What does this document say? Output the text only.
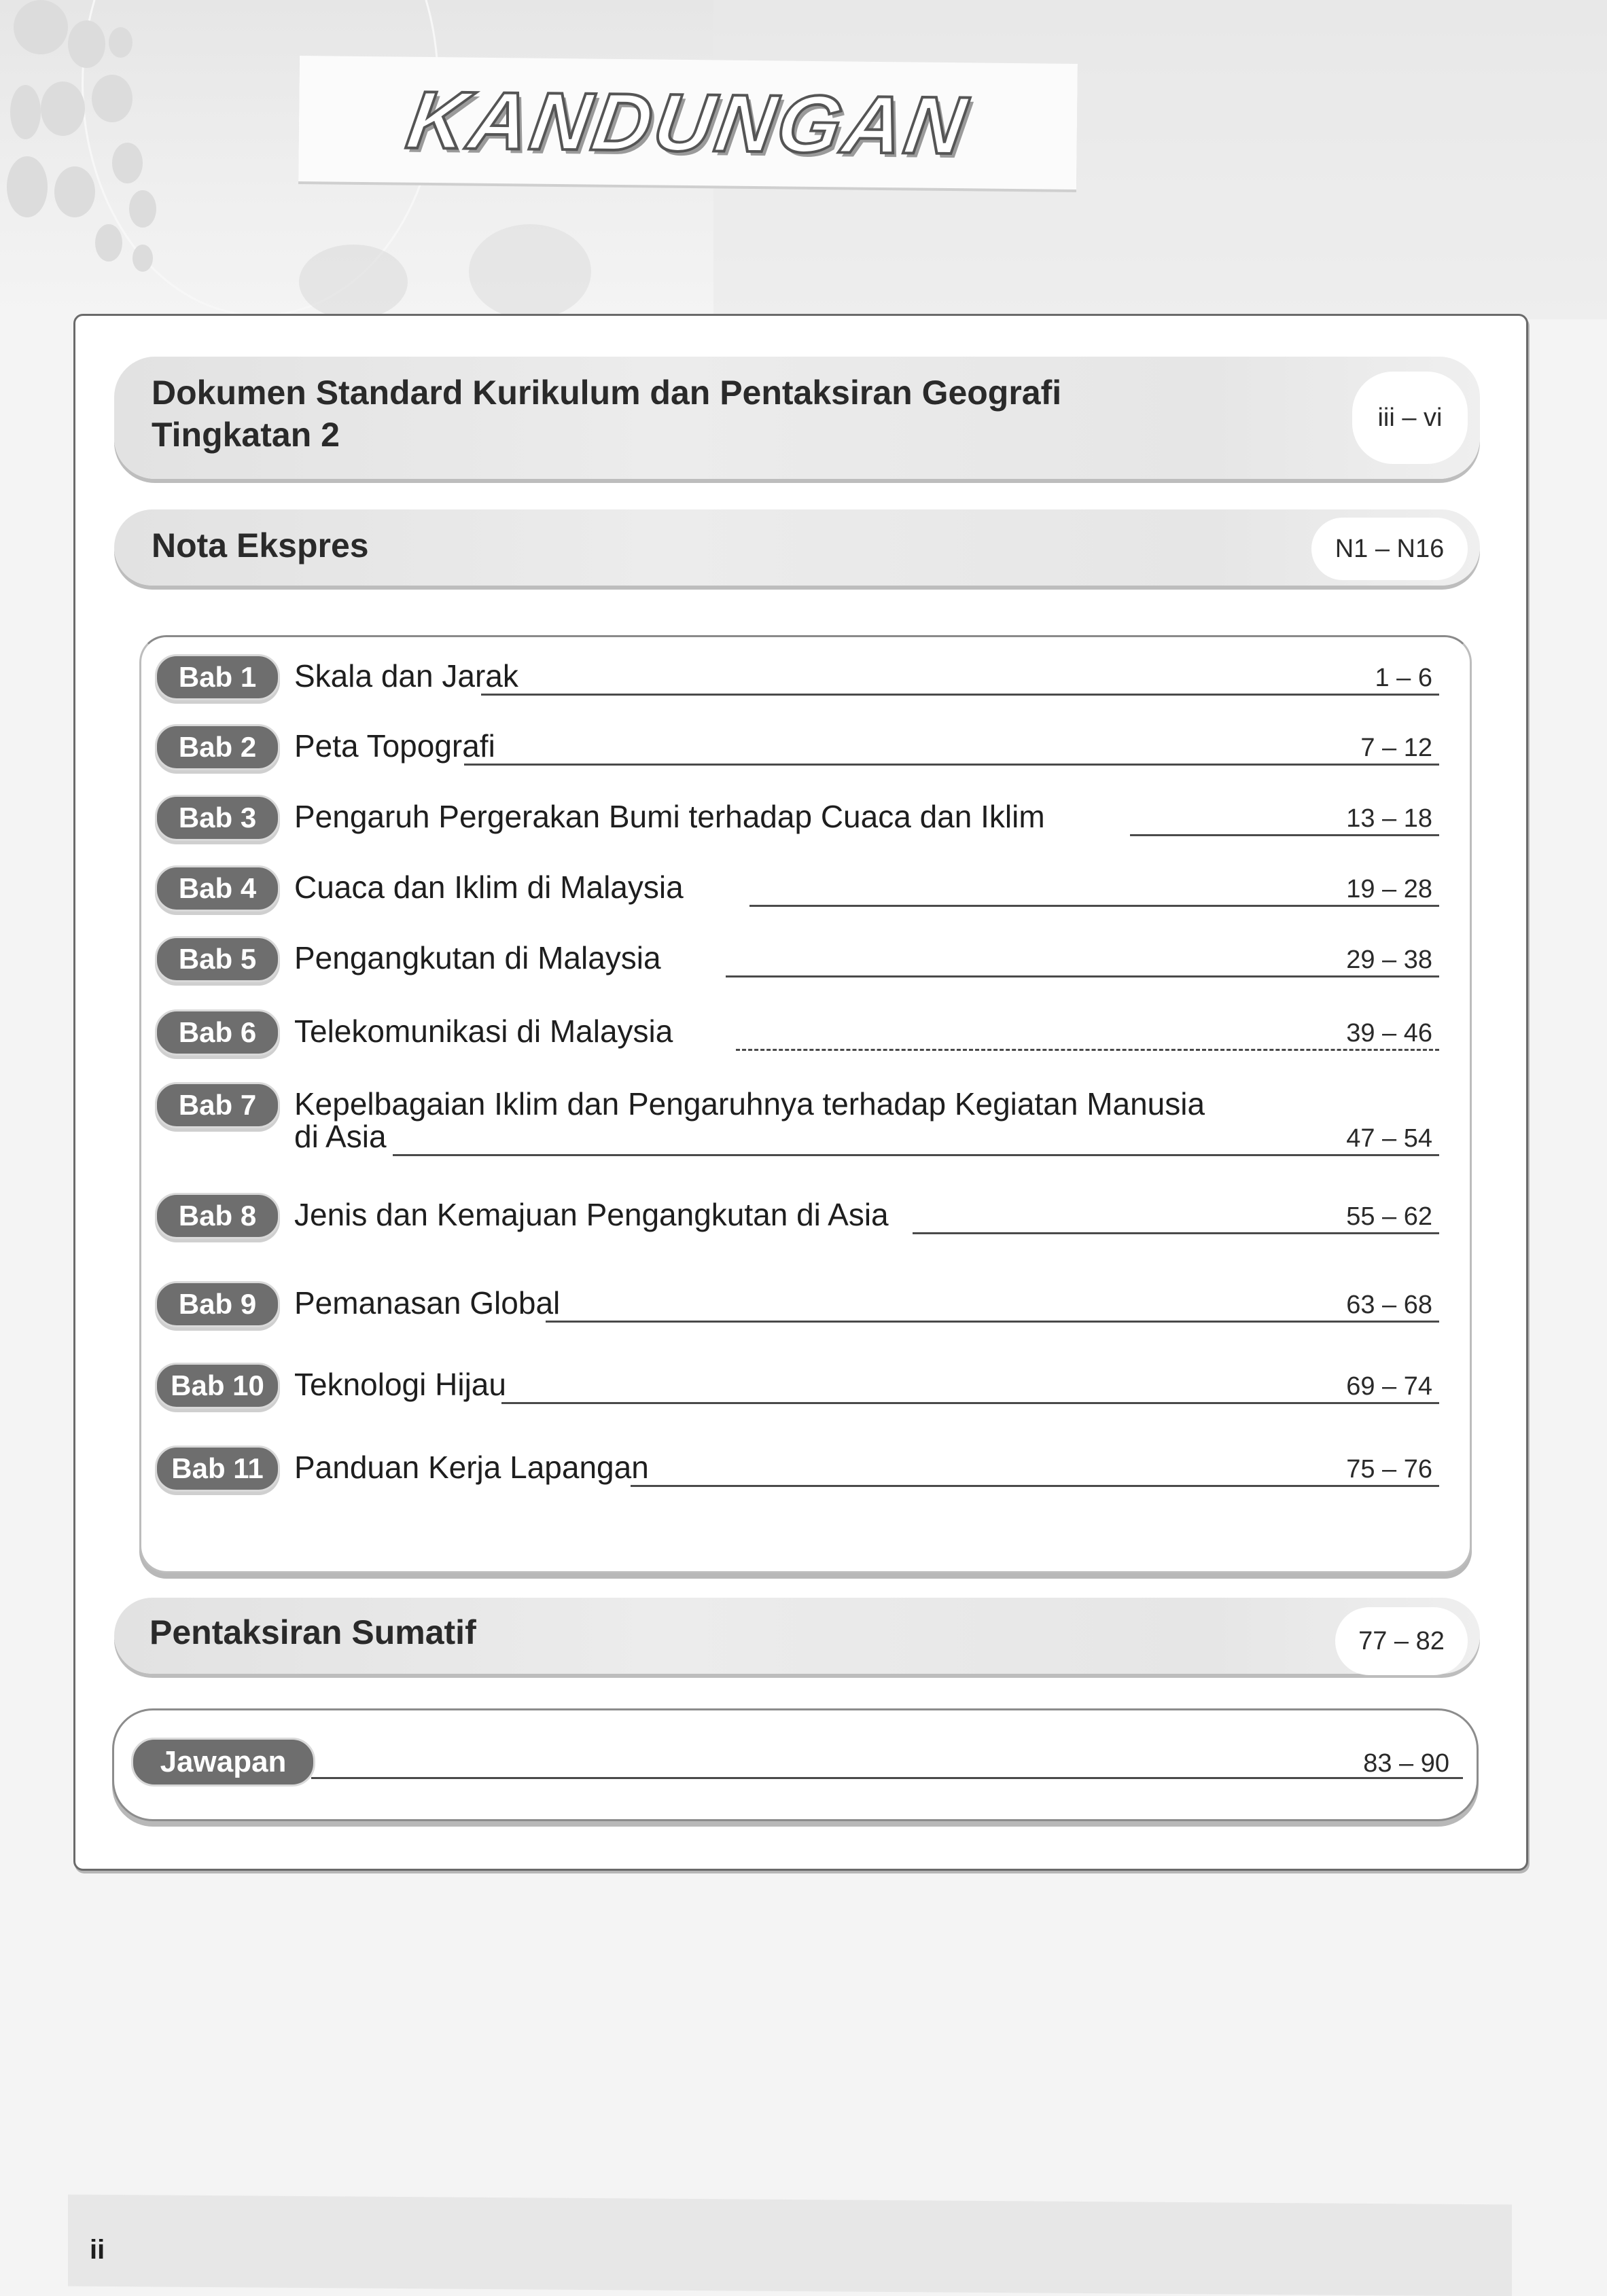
KANDUNGAN
Dokumen Standard Kurikulum dan Pentaksiran Geografi
Tingkatan 2	iii – vi
Nota Ekspres	N1 – N16
Bab 1	Skala dan Jarak	1 – 6
Bab 2	Peta Topografi	7 – 12
Bab 3	Pengaruh Pergerakan Bumi terhadap Cuaca dan Iklim	13 – 18
Bab 4	Cuaca dan Iklim di Malaysia	19 – 28
Bab 5	Pengangkutan di Malaysia	29 – 38
Bab 6	Telekomunikasi di Malaysia	39 – 46
Bab 7	Kepelbagaian Iklim dan Pengaruhnya terhadap Kegiatan Manusia
di Asia	47 – 54
Bab 8	Jenis dan Kemajuan Pengangkutan di Asia	55 – 62
Bab 9	Pemanasan Global	63 – 68
Bab 10 Teknologi Hijau	69 – 74
Bab 11 Panduan Kerja Lapangan	75 – 76
Pentaksiran Sumatif	77 – 82
Jawapan	83 – 90
ii
